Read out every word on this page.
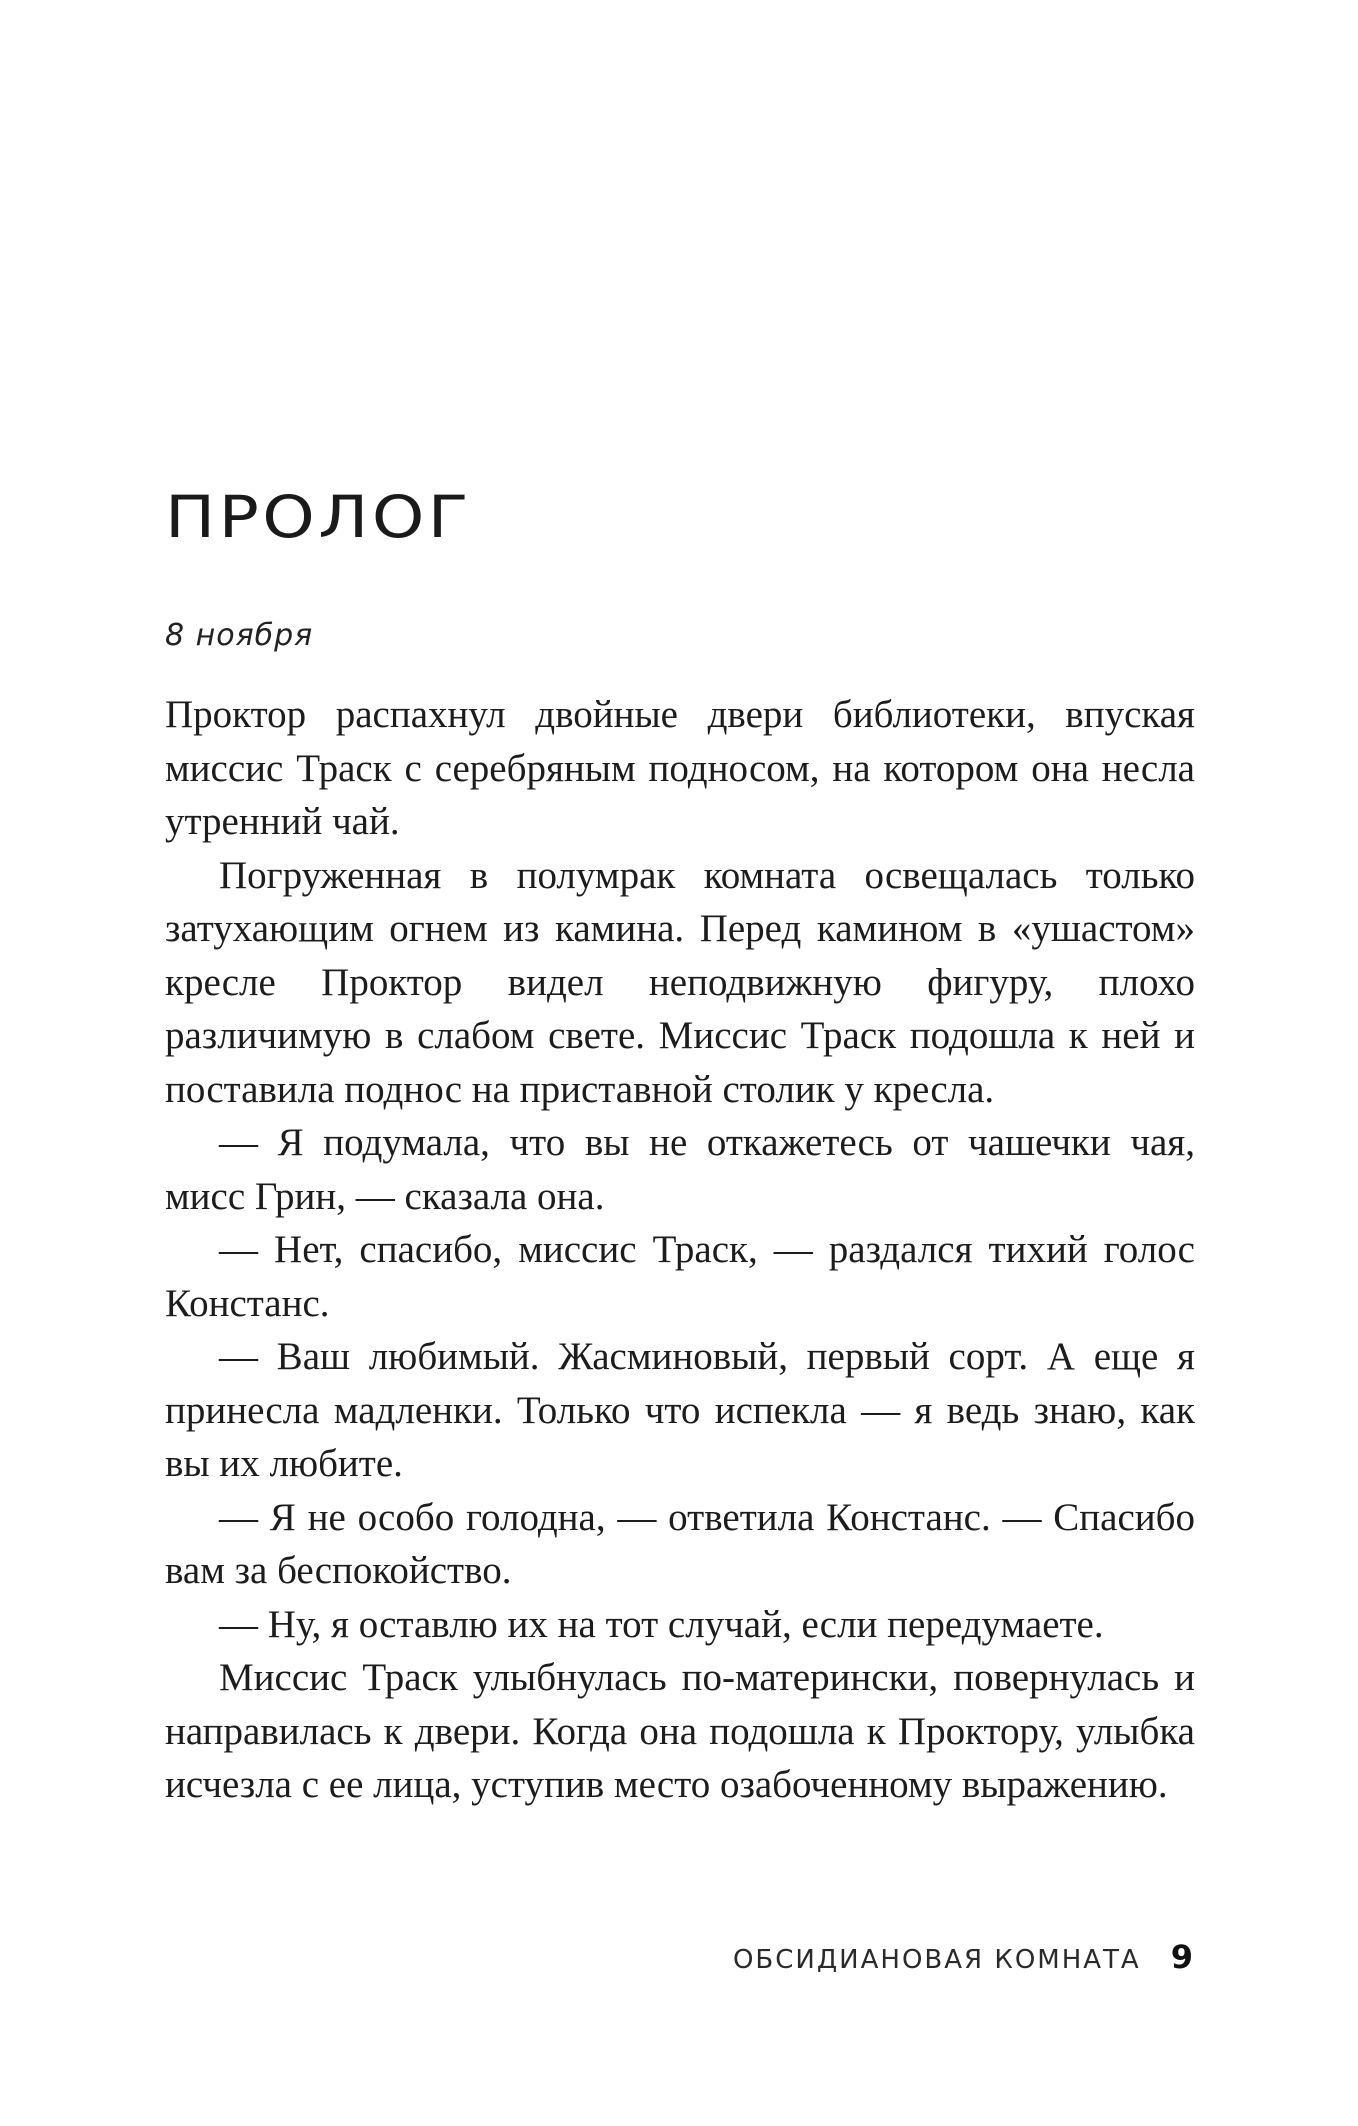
ПРОЛОГ
8 ноября

Проктор распахнул двойные двери библиотеки, впуская миссис Траск с серебряным подносом, на котором она несла утренний чай.

Погруженная в полумрак комната освещалась только затухающим огнем из камина. Перед камином в «ушастом» кресле Проктор видел неподвижную фигуру, плохо различимую в слабом свете. Миссис Траск подошла к ней и поставила поднос на приставной столик у кресла.

— Я подумала, что вы не откажетесь от чашечки чая, мисс Грин, — сказала она.

— Нет, спасибо, миссис Траск, — раздался тихий голос Констанс.

— Ваш любимый. Жасминовый, первый сорт. А еще я принесла мадленки. Только что испекла — я ведь знаю, как вы их любите.

— Я не особо голодна, — ответила Констанс. — Спасибо вам за беспокойство.

— Ну, я оставлю их на тот случай, если передумаете.

Миссис Траск улыбнулась по-матерински, повернулась и направилась к двери. Когда она подошла к Проктору, улыбка исчезла с ее лица, уступив место озабоченному выражению.

ОБСИДИАНОВАЯ КОМНАТА 9
